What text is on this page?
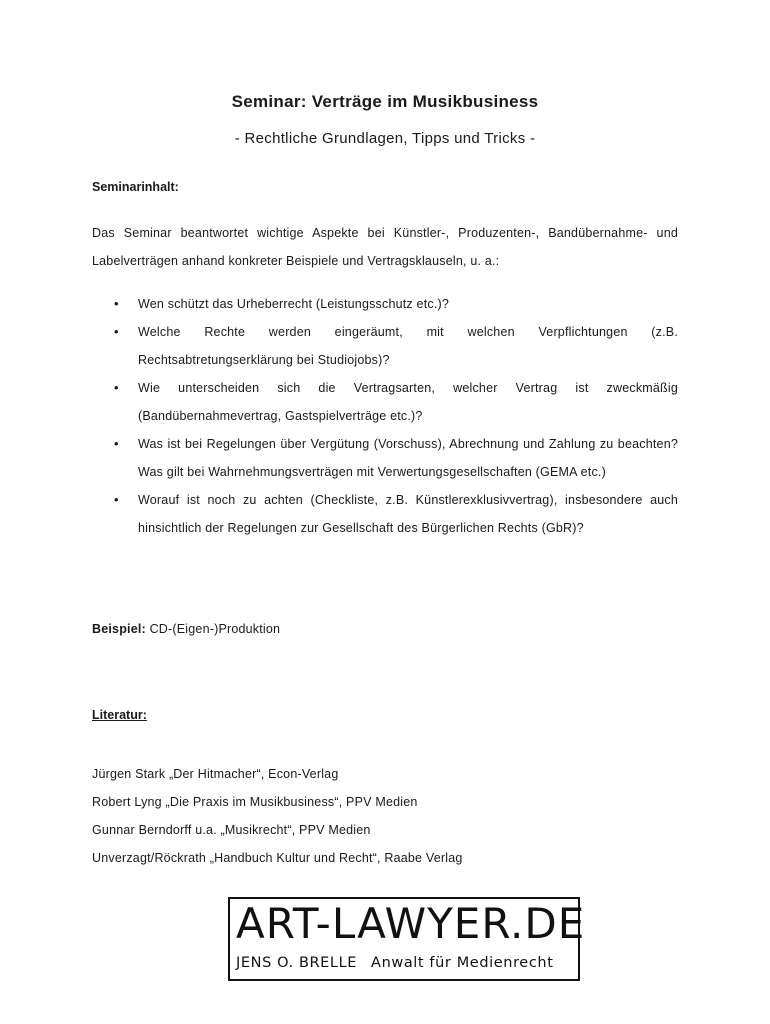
Seminar: Verträge im Musikbusiness
- Rechtliche Grundlagen, Tipps und Tricks -
Seminarinhalt:
Das Seminar beantwortet wichtige Aspekte bei Künstler-, Produzenten-, Bandübernahme- und Labelverträgen anhand konkreter Beispiele und Vertragsklauseln, u. a.:
• Wen schützt das Urheberrecht (Leistungsschutz etc.)?
• Welche Rechte werden eingeräumt, mit welchen Verpflichtungen (z.B. Rechtsabtretungserklärung bei Studiojobs)?
• Wie unterscheiden sich die Vertragsarten, welcher Vertrag ist zweckmäßig (Bandübernahmevertrag, Gastspielverträge etc.)?
• Was ist bei Regelungen über Vergütung (Vorschuss), Abrechnung und Zahlung zu beachten? Was gilt bei Wahrnehmungsverträgen mit Verwertungsgesellschaften (GEMA etc.)
• Worauf ist noch zu achten (Checkliste, z.B. Künstlerexklusivvertrag), insbesondere auch hinsichtlich der Regelungen zur Gesellschaft des Bürgerlichen Rechts (GbR)?
Beispiel: CD-(Eigen-)Produktion
Literatur:
Jürgen Stark „Der Hitmacher“, Econ-Verlag
Robert Lyng „Die Praxis im Musikbusiness“, PPV Medien
Gunnar Berndorff u.a. „Musikrecht“, PPV Medien
Unverzagt/Röckrath „Handbuch Kultur und Recht“, Raabe Verlag
ART-LAWYER.DE
JENS O. BRELLE Anwalt für Medienrecht
